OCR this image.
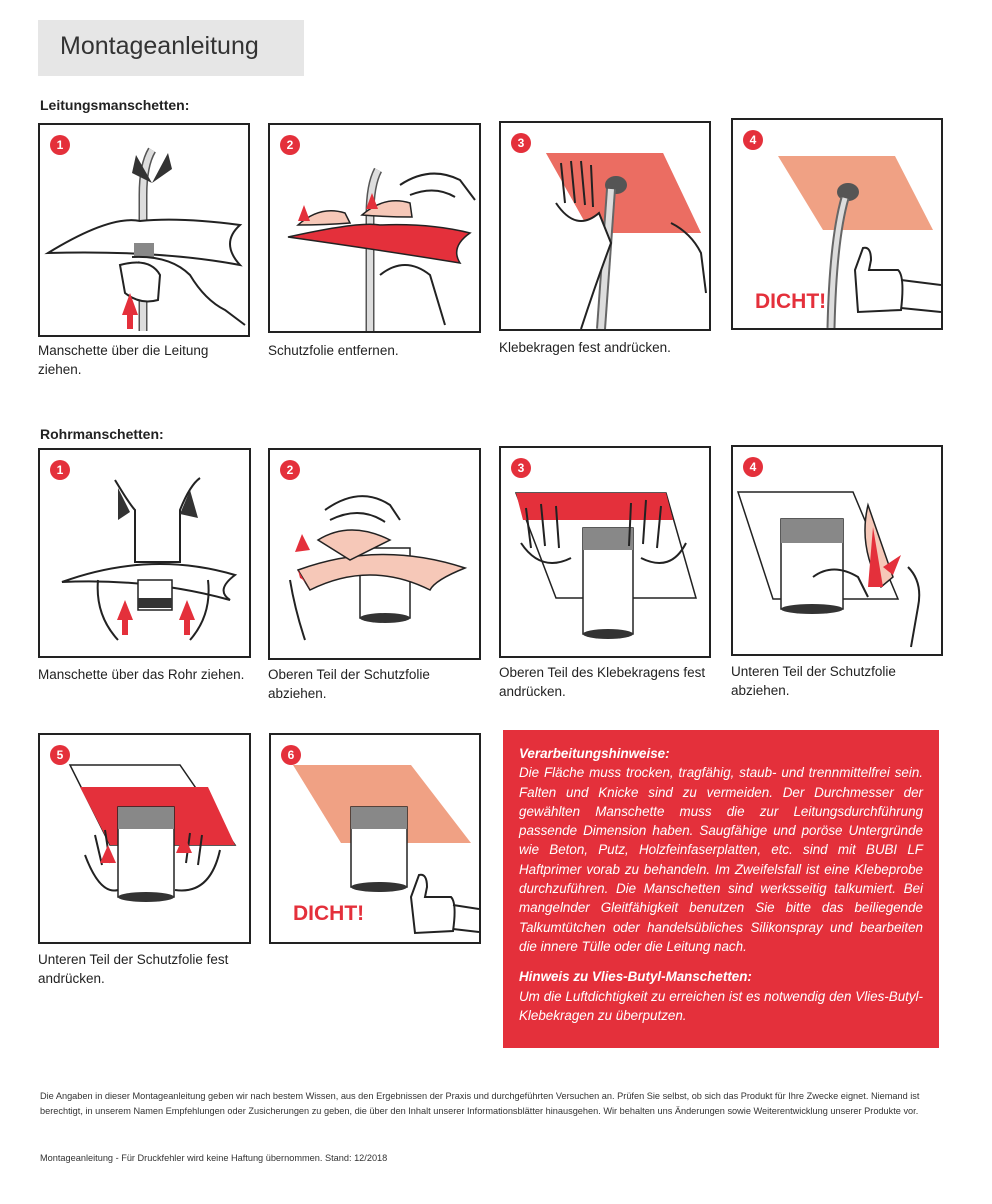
Montageanleitung
Leitungsmanschetten:
1
Manschette über die Leitung ziehen.
2
Schutzfolie entfernen.
3
Klebekragen fest andrücken.
DICHT!
4
Rohrmanschetten:
1
Manschette über das Rohr ziehen.
2
Oberen Teil der Schutzfolie abziehen.
3
Oberen Teil des Klebekragens fest andrücken.
4
Unteren Teil der Schutzfolie abziehen.
5
Unteren Teil der Schutzfolie fest andrücken.
DICHT!
6	Verarbeitungshinweise:

Die Fläche muss trocken, tragfähig, staub- und trennmittelfrei sein. Falten und Knicke sind zu vermeiden. Der Durchmesser der gewählten Manschette muss die zur Leitungsdurchführung passende Dimension haben. Saugfähige und poröse Untergründe wie Beton, Putz, Holzfeinfaserplatten, etc. sind mit BUBI LF Haftprimer vorab zu behandeln. Im Zweifelsfall ist eine Klebeprobe durchzuführen. Die Manschetten sind werksseitig talkumiert. Bei mangelnder Gleitfähigkeit benutzen Sie bitte das beiliegende Talkumtütchen oder handelsübliches Silikonspray und bearbeiten die innere Tülle oder die Leitung nach.

Hinweis zu Vlies-Butyl-Manschetten:

Um die Luftdichtigkeit zu erreichen ist es notwendig den Vlies-Butyl-Klebekragen zu überputzen.

Die Angaben in dieser Montageanleitung geben wir nach bestem Wissen, aus den Ergebnissen der Praxis und durchgeführten Versuchen an. Prüfen Sie selbst, ob sich das Produkt für Ihre Zwecke eignet. Niemand ist berechtigt, in unserem Namen Empfehlungen oder Zusicherungen zu geben, die über den Inhalt unserer Informationsblätter hinausgehen. Wir behalten uns Änderungen sowie Weiterentwicklung unserer Produkte vor.
Montageanleitung - Für Druckfehler wird keine Haftung übernommen. Stand: 12/2018
